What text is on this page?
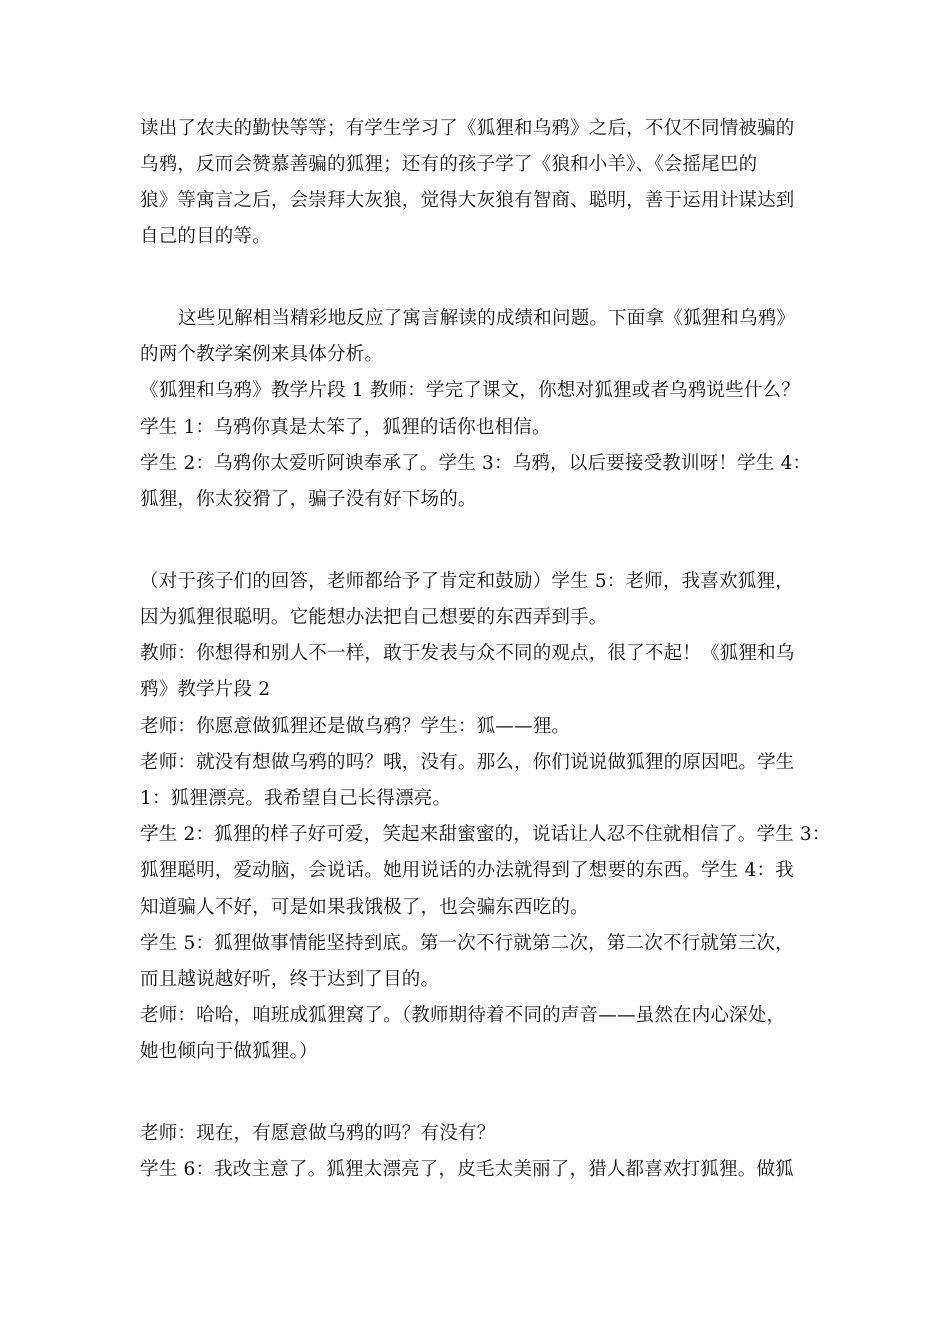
读出了农夫的勤快等等；有学生学习了《狐狸和乌鸦》之后，不仅不同情被骗的
乌鸦，反而会赞慕善骗的狐狸；还有的孩子学了《狼和小羊》、《会摇尾巴的
狼》等寓言之后，会崇拜大灰狼，觉得大灰狼有智商、聪明，善于运用计谋达到
自己的目的等。
这些见解相当精彩地反应了寓言解读的成绩和问题。下面拿《狐狸和乌鸦》
的两个教学案例来具体分析。
《狐狸和乌鸦》教学片段 1 教师：学完了课文，你想对狐狸或者乌鸦说些什么？
学生 1：乌鸦你真是太笨了，狐狸的话你也相信。
学生 2：乌鸦你太爱听阿谀奉承了。学生 3：乌鸦，以后要接受教训呀！学生 4：
狐狸，你太狡猾了，骗子没有好下场的。
（对于孩子们的回答，老师都给予了肯定和鼓励）学生 5：老师，我喜欢狐狸，
因为狐狸很聪明。它能想办法把自己想要的东西弄到手。
教师：你想得和别人不一样，敢于发表与众不同的观点，很了不起！《狐狸和乌
鸦》教学片段 2
老师：你愿意做狐狸还是做乌鸦？学生：狐——狸。
老师：就没有想做乌鸦的吗？哦，没有。那么，你们说说做狐狸的原因吧。学生
1：狐狸漂亮。我希望自己长得漂亮。
学生 2：狐狸的样子好可爱，笑起来甜蜜蜜的，说话让人忍不住就相信了。学生 3：
狐狸聪明，爱动脑，会说话。她用说话的办法就得到了想要的东西。学生 4：我
知道骗人不好，可是如果我饿极了，也会骗东西吃的。
学生 5：狐狸做事情能坚持到底。第一次不行就第二次，第二次不行就第三次，
而且越说越好听，终于达到了目的。
老师：哈哈，咱班成狐狸窝了。（教师期待着不同的声音——虽然在内心深处，
她也倾向于做狐狸。）
老师：现在，有愿意做乌鸦的吗？有没有？
学生 6：我改主意了。狐狸太漂亮了，皮毛太美丽了，猎人都喜欢打狐狸。做狐
